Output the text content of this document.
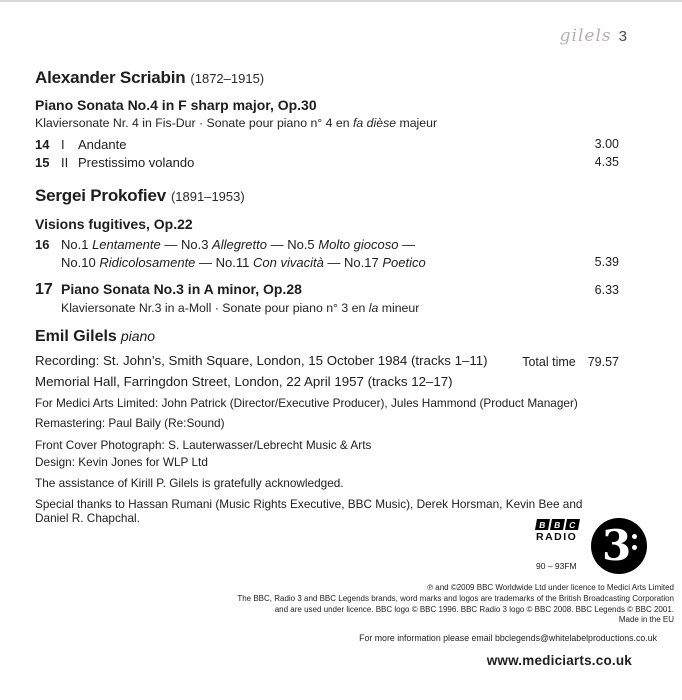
gilels 3
Alexander Scriabin (1872–1915)
Piano Sonata No.4 in F sharp major, Op.30
Klaviersonate Nr. 4 in Fis-Dur · Sonate pour piano n° 4 en fa dièse majeur
14 I	Andante	3.00
15 II Prestissimo volando	4.35
Sergei Prokofiev (1891–1953)
Visions fugitives, Op.22
16 No.1 Lentamente — No.3 Allegretto — No.5 Molto giocoso —
No.10 Ridicolosamente — No.11 Con vivacità — No.17 Poetico	5.39
17 Piano Sonata No.3 in A minor, Op.28	6.33
Klaviersonate Nr.3 in a-Moll · Sonate pour piano n° 3 en la mineur
Emil Gilels piano
Total time 79.57
Recording: St. John’s, Smith Square, London, 15 October 1984 (tracks 1–11)
Memorial Hall, Farringdon Street, London, 22 April 1957 (tracks 12–17)

For Medici Arts Limited: John Patrick (Director/Executive Producer), Jules Hammond (Product Manager)

Remastering: Paul Baily (Re:Sound)

Front Cover Photograph: S. Lauterwasser/Lebrecht Music & Arts

Design: Kevin Jones for WLP Ltd

The assistance of Kirill P. Gilels is gratefully acknowledged.

Special thanks to Hassan Rumani (Music Rights Executive, BBC Music), Derek Horsman, Kevin Bee and Daniel R. Chapchal.	B B C
RADIO
90 – 93FM 3
℗ and ©2009 BBC Worldwide Ltd under licence to Medici Arts Limited
The BBC, Radio 3 and BBC Legends brands, word marks and logos are trademarks of the British Broadcasting Corporation
and are used under licence. BBC logo © BBC 1996. BBC Radio 3 logo © BBC 2008. BBC Legends © BBC 2001.
Made in the EU
For more information please email bbclegends@whitelabelproductions.co.uk
www.mediciarts.co.uk
